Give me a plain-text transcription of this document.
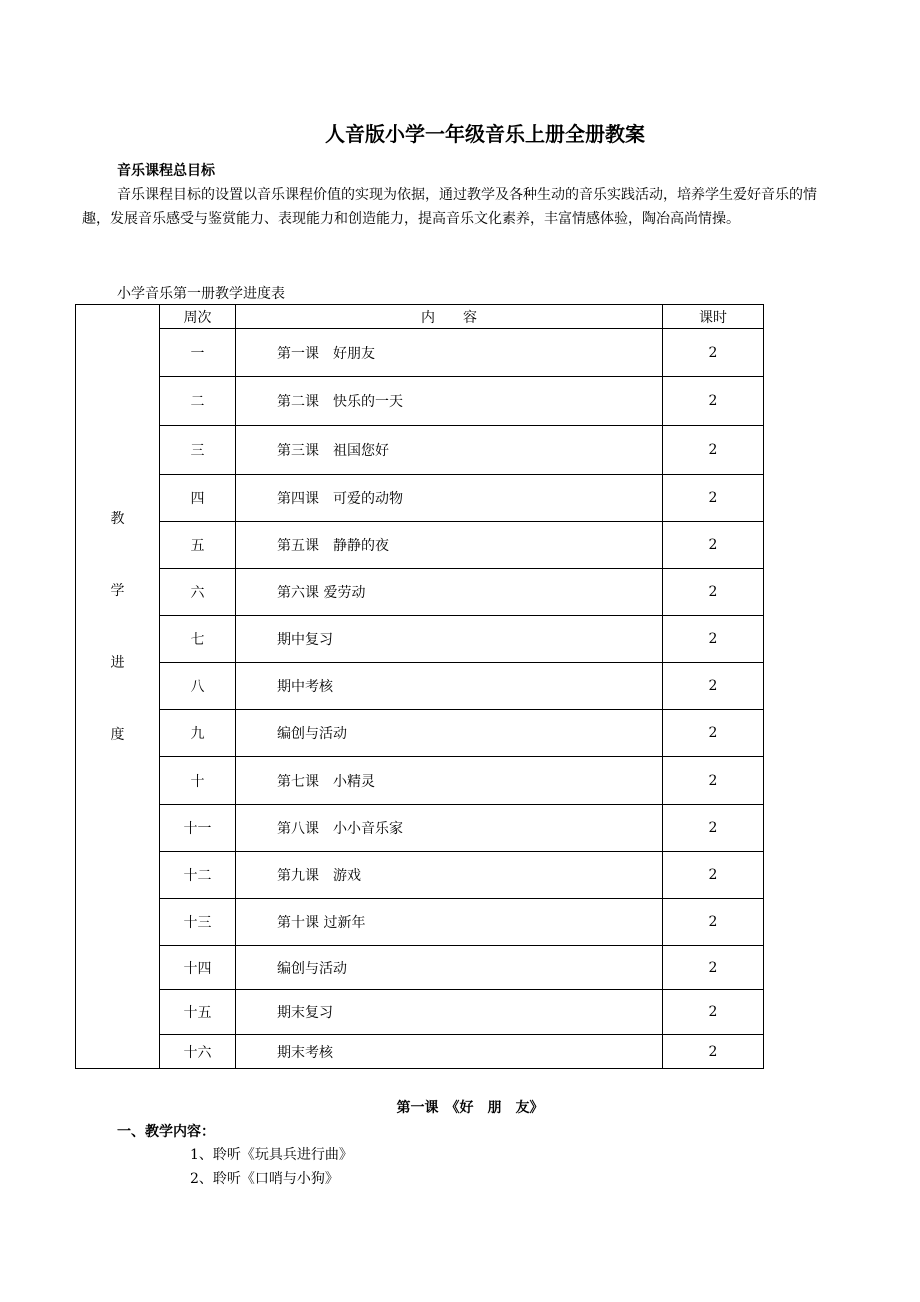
人音版小学一年级音乐上册全册教案
音乐课程总目标
音乐课程目标的设置以音乐课程价值的实现为依据，通过教学及各种生动的音乐实践活动，培养学生爱好音乐的情趣，发展音乐感受与鉴赏能力、表现能力和创造能力，提高音乐文化素养，丰富情感体验，陶冶高尚情操。
小学音乐第一册教学进度表
教
学
进
度	周次	内　　容	课时
	一	第一课　好朋友	2
	二	第二课　快乐的一天	2
	三	第三课　祖国您好	2
	四	第四课　可爱的动物	2
	五	第五课　静静的夜	2
	六	第六课 爱劳动	2
	七	期中复习	2
	八	期中考核	2
	九	编创与活动	2
	十	第七课　小精灵	2
	十一	第八课　小小音乐家	2
	十二	第九课　游戏	2
	十三	第十课 过新年	2
	十四	编创与活动	2
	十五	期末复习	2
	十六	期末考核	2
第一课　《好　朋　友》
一、教学内容：
1、聆听《玩具兵进行曲》
2、聆听《口哨与小狗》
